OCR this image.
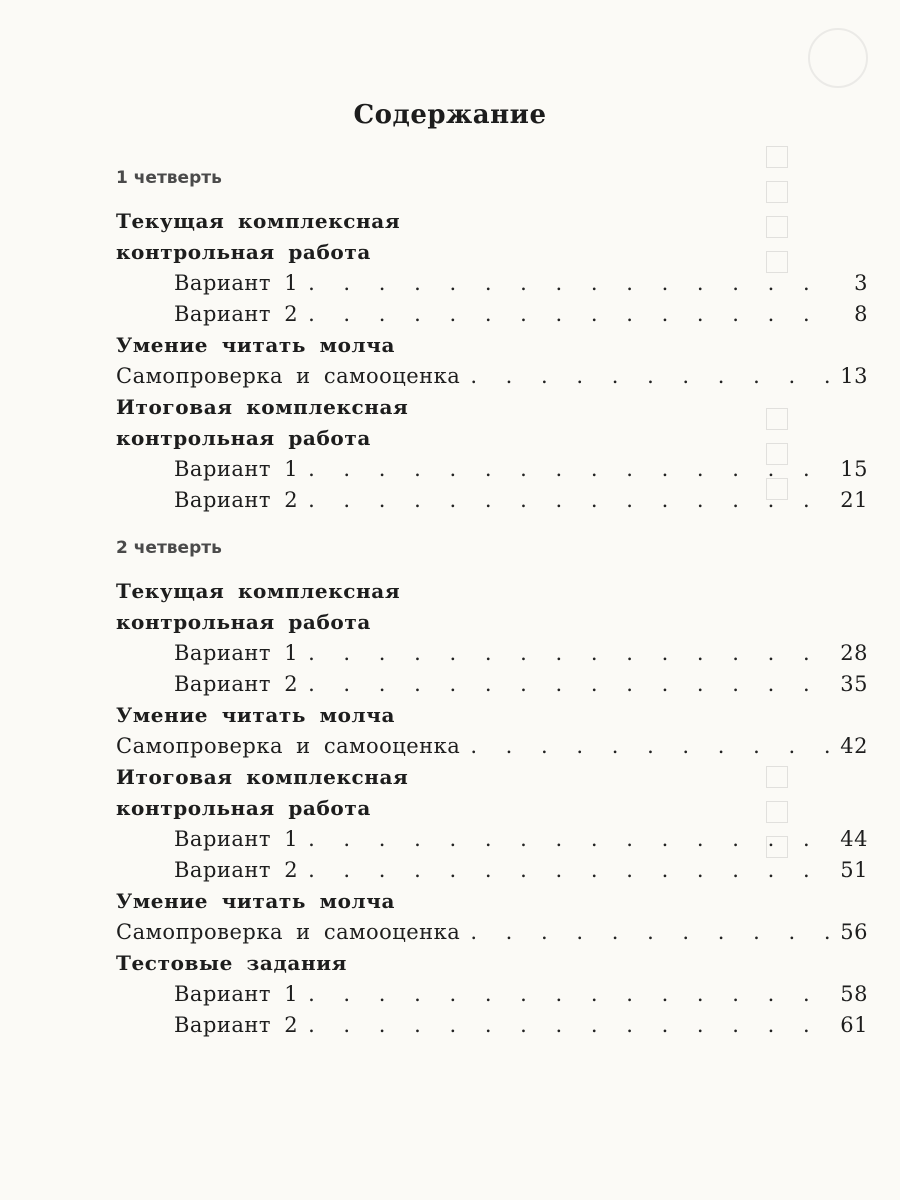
Содержание
1 четверть
Текущая комплексная контрольная работа
Вариант 1 . . .	3
Вариант 2 . . .	8
Умение читать молча
Самопроверка и самооценка . . .	13
Итоговая комплексная контрольная работа
Вариант 1 . . .	15
Вариант 2 . . .	21
2 четверть
Текущая комплексная контрольная работа
Вариант 1 . . .	28
Вариант 2 . . .	35
Умение читать молча
Самопроверка и самооценка . . .	42
Итоговая комплексная контрольная работа
Вариант 1 . . .	44
Вариант 2 . . .	51
Умение читать молча
Самопроверка и самооценка . . .	56
Тестовые задания
Вариант 1 . . .	58
Вариант 2 . . .	61
